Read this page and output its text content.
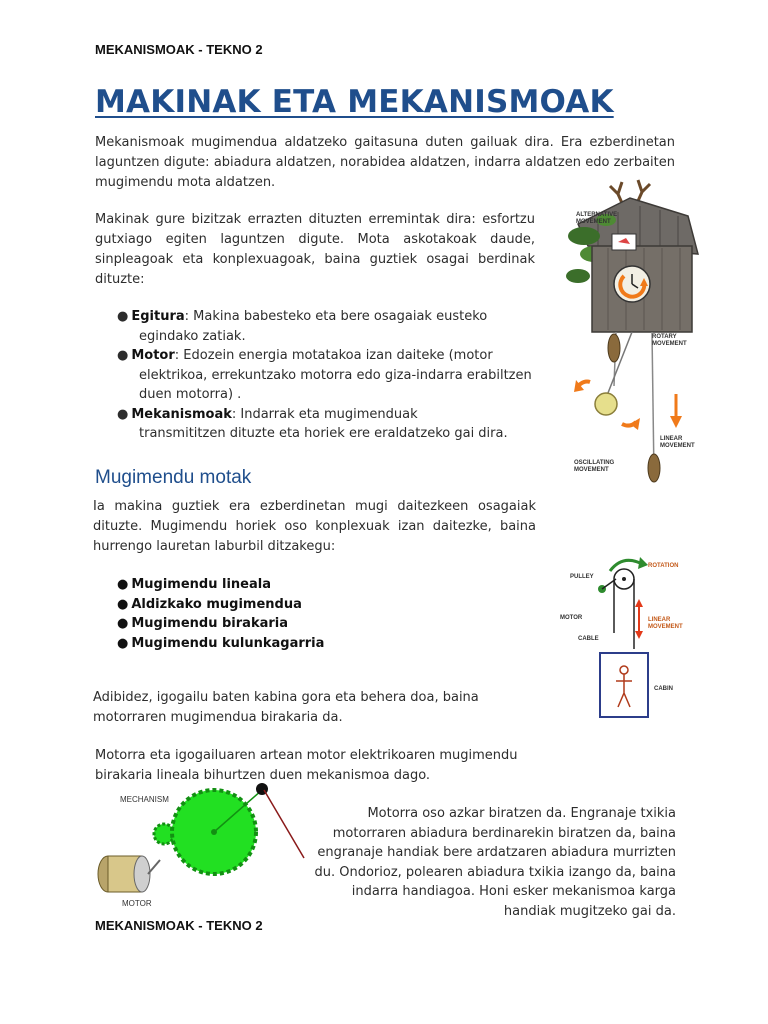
MEKANISMOAK - TEKNO 2
MAKINAK ETA MEKANISMOAK

Mekanismoak mugimendua aldatzeko gaitasuna duten gailuak dira. Era ezberdinetan laguntzen digute: abiadura aldatzen, norabidea aldatzen, indarra aldatzen edo zerbaiten mugimendu mota aldatzen.

Makinak gure bizitzak errazten dituzten erremintak dira: esfortzu gutxiago egiten laguntzen digute. Mota askotakoak daude, sinpleagoak eta konplexuagoak, baina guztiek osagai berdinak dituzte:

● Egitura: Makina babesteko eta bere osagaiak eusteko
egindako zatiak.
● Motor: Edozein energia motatakoa izan daiteke (motor
elektrikoa, errekuntzako motorra edo giza-indarra erabiltzen duen motorra) .
● Mekanismoak: Indarrak eta mugimenduak
transmititzen dituzte eta horiek ere eraldatzeko gai dira.
ALTERNATIVE
MOVEMENT
ROTARY
MOVEMENT
OSCILLATING
MOVEMENT
LINEAR
MOVEMENT
Mugimendu motak

Ia makina guztiek era ezberdinetan mugi daitezkeen osagaiak dituzte. Mugimendu horiek oso konplexuak izan daitezke, baina hurrengo lauretan laburbil ditzakegu:

● Mugimendu lineala
● Aldizkako mugimendua
● Mugimendu birakaria
● Mugimendu kulunkagarria
PULLEY
ROTATION
MOTOR	LINEAR
MOVEMENT
CABLE
CABIN

Adibidez, igogailu baten kabina gora eta behera doa, baina motorraren mugimendua birakaria da.

Motorra eta igogailuaren artean motor elektrikoaren mugimendu birakaria lineala bihurtzen duen mekanismoa dago.

MECHANISM
MOTOR

Motorra oso azkar biratzen da. Engranaje txikia motorraren abiadura berdinarekin biratzen da, baina engranaje handiak bere ardatzaren abiadura murrizten du. Ondorioz, polearen abiadura txikia izango da, baina indarra handiagoa. Honi esker mekanismoa karga handiak mugitzeko gai da.

MEKANISMOAK - TEKNO 2
